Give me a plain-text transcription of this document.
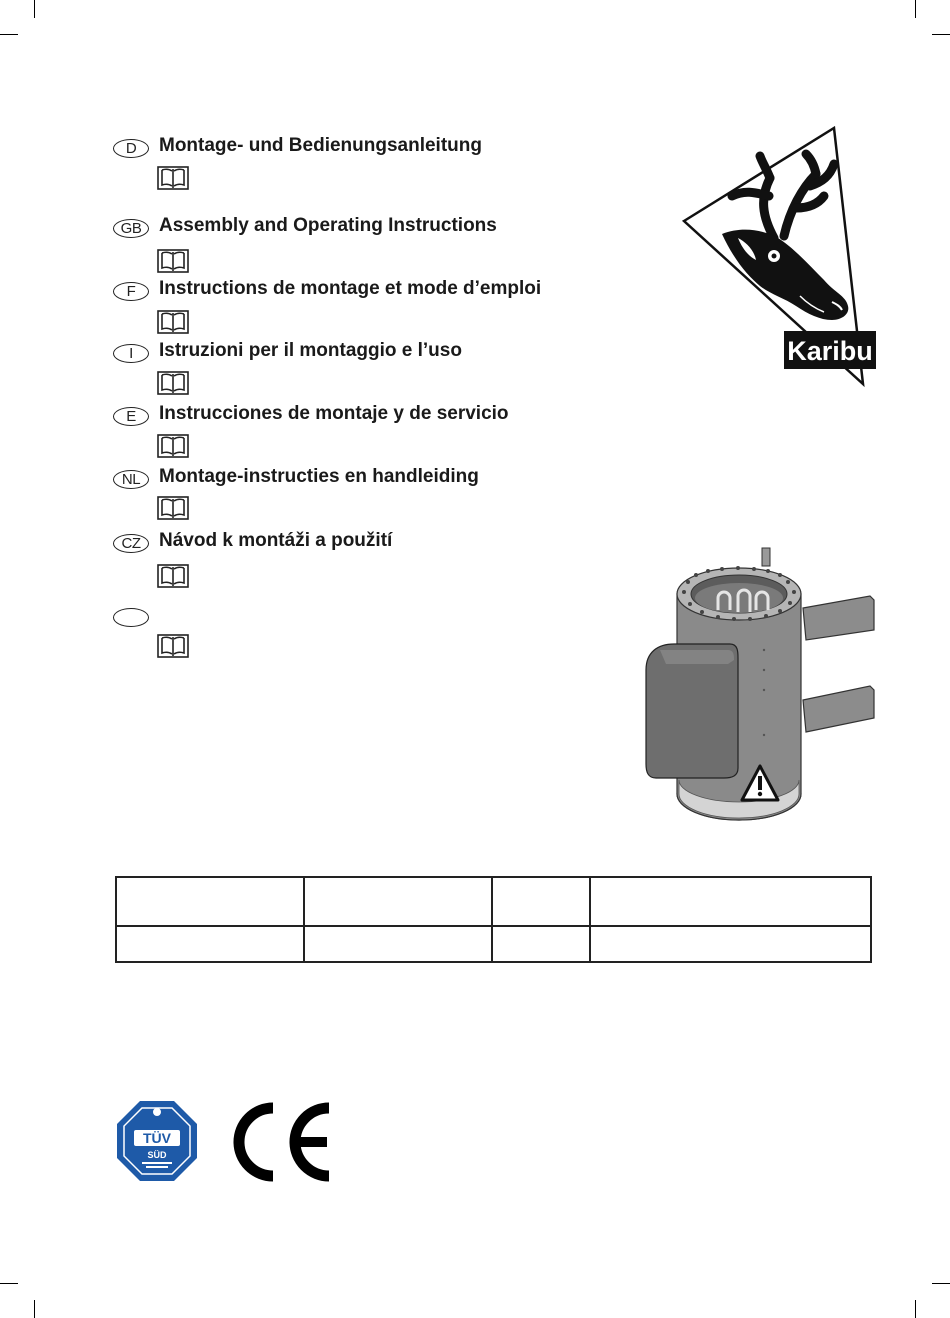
D	Montage- und Bedienungsanleitung
GB Assembly and Operating Instructions
F	Instructions de montage et mode d’emploi
I	Istruzioni per il montaggio e l’uso
E	Instrucciones de montaje y de servicio
NL Montage-instructies en handleiding
CZ Návod k montáži a použití
Karibu

TÜV
SÜD
